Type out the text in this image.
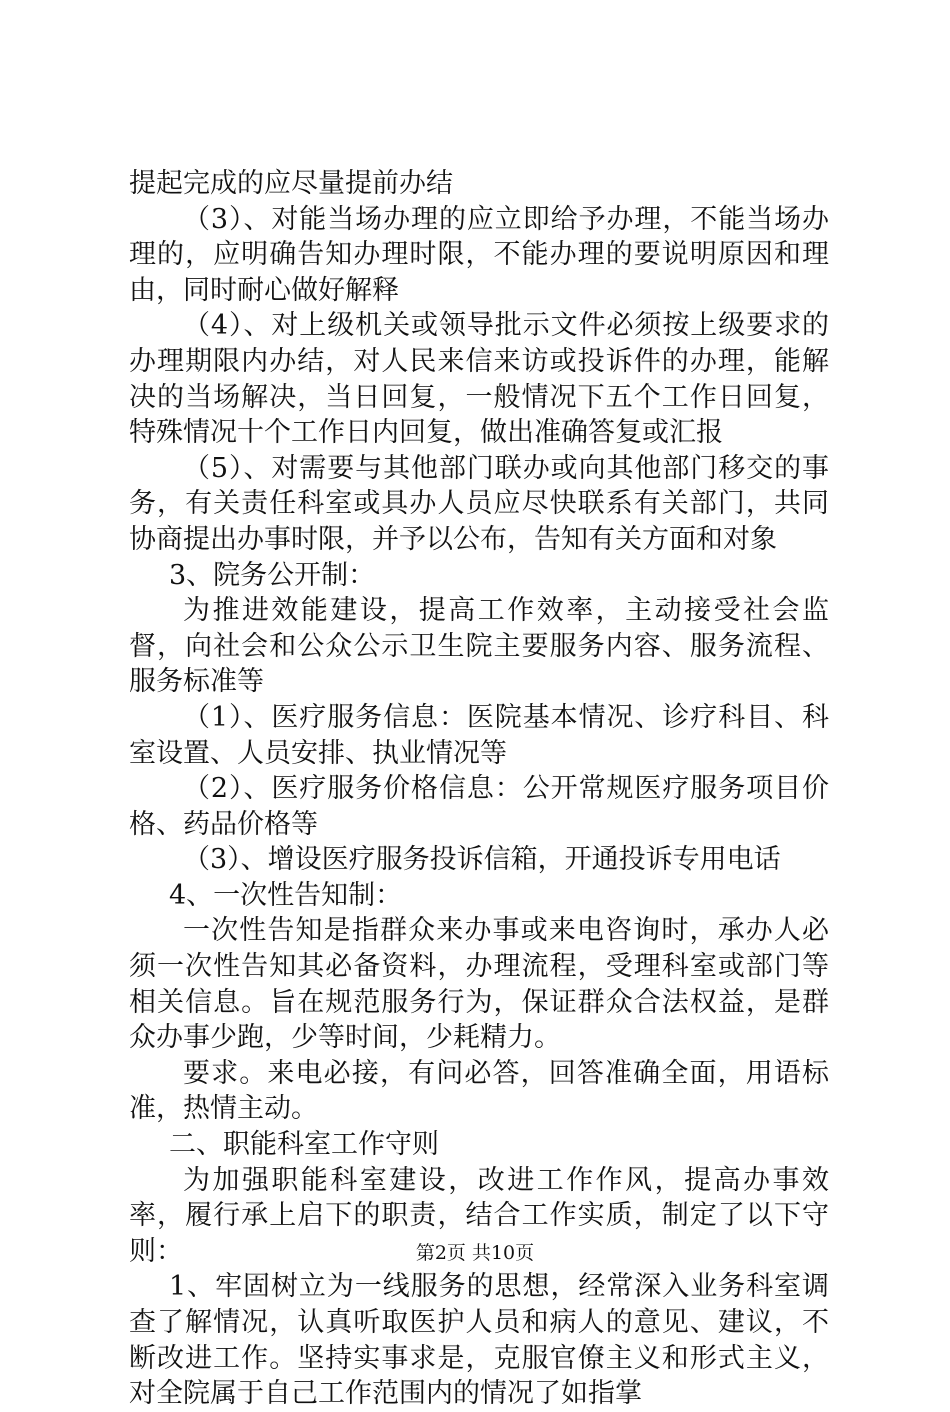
提起完成的应尽量提前办结

（3）、对能当场办理的应立即给予办理，不能当场办理的，应明确告知办理时限，不能办理的要说明原因和理由，同时耐心做好解释

（4）、对上级机关或领导批示文件必须按上级要求的办理期限内办结，对人民来信来访或投诉件的办理，能解决的当场解决，当日回复，一般情况下五个工作日回复，特殊情况十个工作日内回复，做出准确答复或汇报

（5）、对需要与其他部门联办或向其他部门移交的事务，有关责任科室或具办人员应尽快联系有关部门，共同协商提出办事时限，并予以公布，告知有关方面和对象

3、院务公开制：

为推进效能建设，提高工作效率，主动接受社会监督，向社会和公众公示卫生院主要服务内容、服务流程、服务标准等

（1）、医疗服务信息：医院基本情况、诊疗科目、科室设置、人员安排、执业情况等

（2）、医疗服务价格信息：公开常规医疗服务项目价格、药品价格等

（3）、增设医疗服务投诉信箱，开通投诉专用电话

4、一次性告知制：

一次性告知是指群众来办事或来电咨询时，承办人必须一次性告知其必备资料，办理流程，受理科室或部门等相关信息。旨在规范服务行为，保证群众合法权益，是群众办事少跑，少等时间，少耗精力。

要求。来电必接，有问必答，回答准确全面，用语标准，热情主动。

二、职能科室工作守则

为加强职能科室建设，改进工作作风，提高办事效率，履行承上启下的职责，结合工作实质，制定了以下守则：

1、牢固树立为一线服务的思想，经常深入业务科室调查了解情况，认真听取医护人员和病人的意见、建议，不断改进工作。坚持实事求是，克服官僚主义和形式主义，对全院属于自己工作范围内的情况了如指掌

第2页 共10页
